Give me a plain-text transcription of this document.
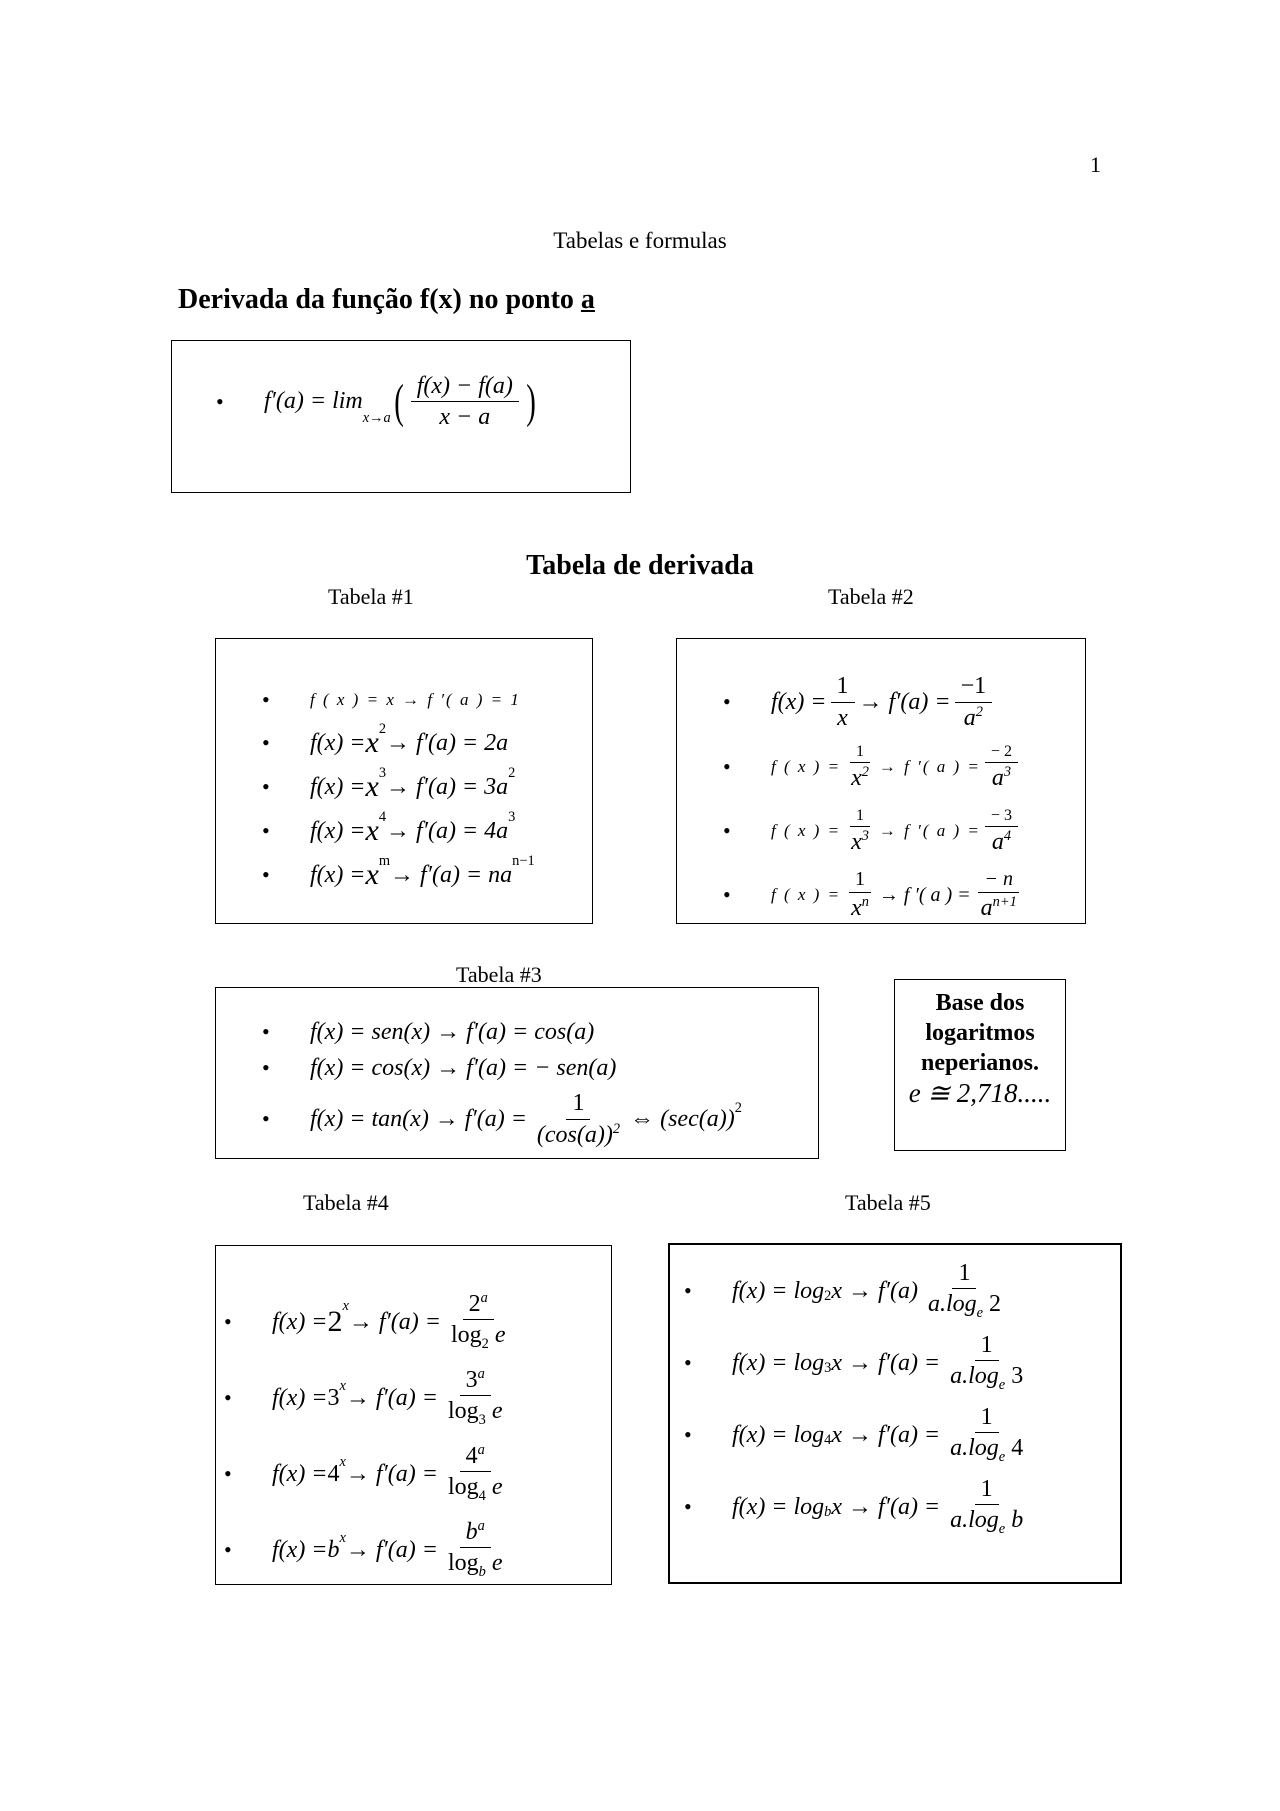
1
Tabelas e formulas
Derivada da função f(x) no ponto a
• f′(a) = lim
$_{x\to a}$ ( $\frac{f(x) - f(a)}{x - a}$ )
Tabela de derivada
Tabela #1	Tabela #2
• f ( x ) = x → f ′( a ) = 1
• $f(x) = x^2$
→ f′(a) = 2a
• $f(x) = x^3$
→ f′(a) = 3a
$^2$
• $f(x) = x^4$
→ f′(a) = 4a
$^3$
• $f(x) = x^m$
→ f′(a) = na
$^{n-1}$
• $f(x) = \frac{1}{x} \to f'(a) = \frac{-1}{a^2}$
• f ( x ) = $\frac{1}{x^2} \to f$ ′( a ) = $\frac{- 2}{a^3}$
• f ( x ) = $\frac{1}{x^3} \to f$ ′( a ) = $\frac{- 3}{a^4}$
• f ( x ) = $\frac{1}{x^n} \to f$ ′( a ) = $\frac{- n}{a^{n+1}}$
Tabela #3
• f(x) = sen(x) → f′(a) = cos(a)
• f(x) = cos(x) → f′(a) = − sen(a)
• $f(x) = \tan(x) \to f'(a) = \frac{1}{(\cos(a))^2}$ ⇔ $(\sec(a))^2$
Base dos
logaritmos
neperianos.
e ≅ 2,718.....
Tabela #4	Tabela #5
• $f(x) = 2^x$
→ $f'(a) = \frac{2^a}{\log_2 e}$
• $f(x) = 3^x \to f'(a) = \frac{3^a}{\log_3 e}$
• $f(x) = 4^x \to f'(a) = \frac{4^a}{\log_4 e}$
• $f(x) = b^x \to f'(a) = \frac{b^a}{\log_b e}$
• $f(x) = \log_2 x \to f'(a) \frac{1}{a.\log_e 2}$
• $f(x) = \log_3 x \to f'(a) = \frac{1}{a.\log_e 3}$
• $f(x) = \log_4 x \to f'(a) = \frac{1}{a.\log_e 4}$
• $f(x) = \log_b x \to f'(a) = \frac{1}{a.\log_e b}$
